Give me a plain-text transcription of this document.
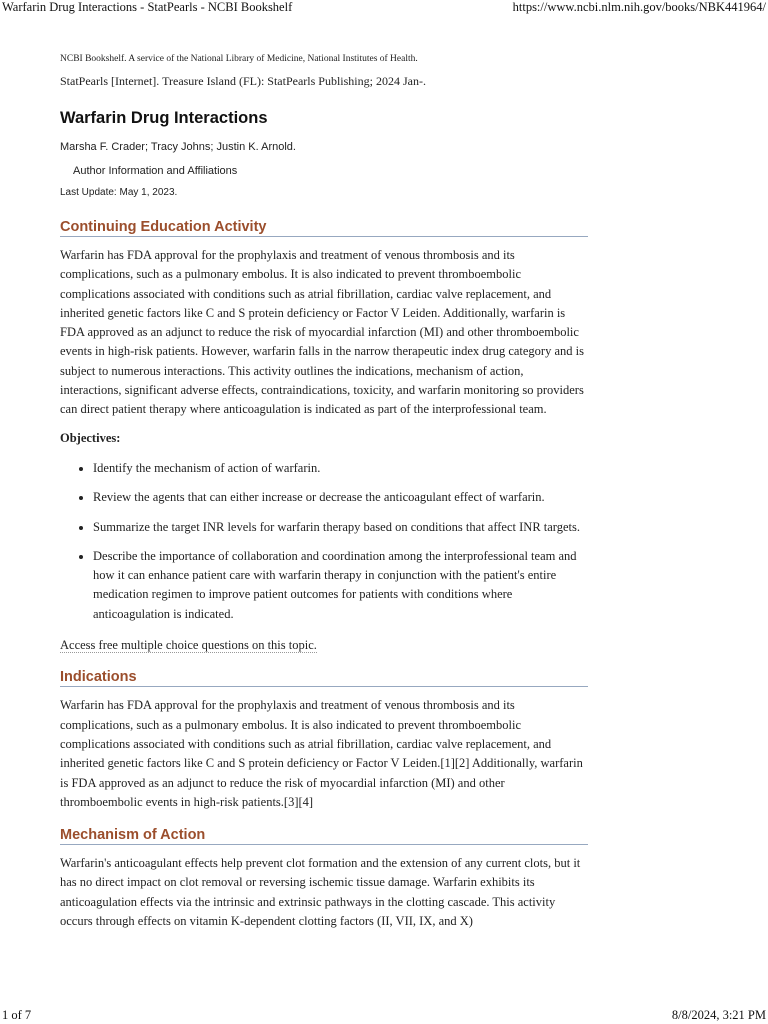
Warfarin Drug Interactions - StatPearls - NCBI Bookshelf	https://www.ncbi.nlm.nih.gov/books/NBK441964/

NCBI Bookshelf. A service of the National Library of Medicine, National Institutes of Health.

StatPearls [Internet]. Treasure Island (FL): StatPearls Publishing; 2024 Jan-.

Warfarin Drug Interactions

Marsha F. Crader; Tracy Johns; Justin K. Arnold.

Author Information and Affiliations

Last Update: May 1, 2023.

Continuing Education Activity

Warfarin has FDA approval for the prophylaxis and treatment of venous thrombosis and its complications, such as a pulmonary embolus. It is also indicated to prevent thromboembolic complications associated with conditions such as atrial fibrillation, cardiac valve replacement, and inherited genetic factors like C and S protein deficiency or Factor V Leiden. Additionally, warfarin is FDA approved as an adjunct to reduce the risk of myocardial infarction (MI) and other thromboembolic events in high-risk patients. However, warfarin falls in the narrow therapeutic index drug category and is subject to numerous interactions. This activity outlines the indications, mechanism of action, interactions, significant adverse effects, contraindications, toxicity, and warfarin monitoring so providers can direct patient therapy where anticoagulation is indicated as part of the interprofessional team.

Objectives:

• Identify the mechanism of action of warfarin.
• Review the agents that can either increase or decrease the anticoagulant effect of warfarin.
• Summarize the target INR levels for warfarin therapy based on conditions that affect INR targets.
• Describe the importance of collaboration and coordination among the interprofessional team and how it can enhance patient care with warfarin therapy in conjunction with the patient's entire medication regimen to improve patient outcomes for patients with conditions where anticoagulation is indicated.

Access free multiple choice questions on this topic.

Indications

Warfarin has FDA approval for the prophylaxis and treatment of venous thrombosis and its complications, such as a pulmonary embolus. It is also indicated to prevent thromboembolic complications associated with conditions such as atrial fibrillation, cardiac valve replacement, and inherited genetic factors like C and S protein deficiency or Factor V Leiden.[1][2] Additionally, warfarin is FDA approved as an adjunct to reduce the risk of myocardial infarction (MI) and other thromboembolic events in high-risk patients.[3][4]

Mechanism of Action

Warfarin's anticoagulant effects help prevent clot formation and the extension of any current clots, but it has no direct impact on clot removal or reversing ischemic tissue damage. Warfarin exhibits its anticoagulation effects via the intrinsic and extrinsic pathways in the clotting cascade. This activity occurs through effects on vitamin K-dependent clotting factors (II, VII, IX, and X)

1 of 7	8/8/2024, 3:21 PM
